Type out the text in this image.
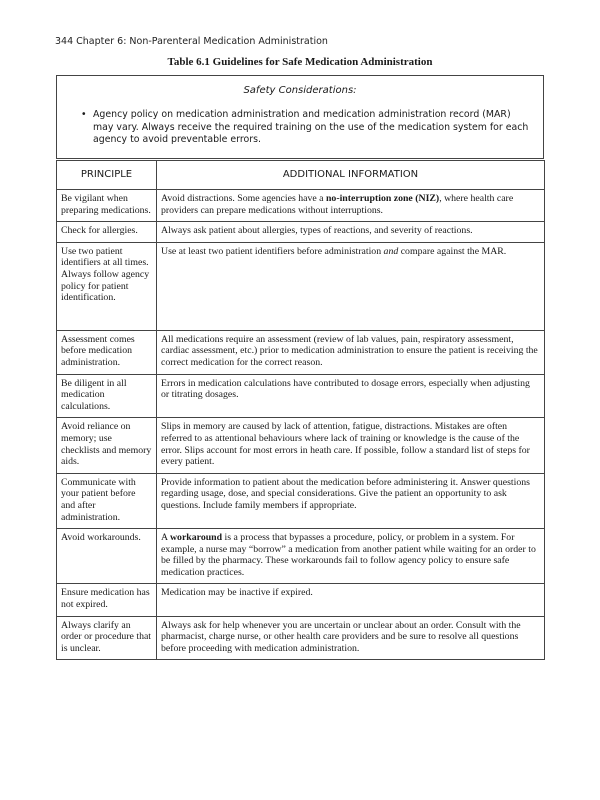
344 Chapter 6: Non-Parenteral Medication Administration
Table 6.1 Guidelines for Safe Medication Administration
Safety Considerations:
• Agency policy on medication administration and medication administration record (MAR) may vary. Always receive the required training on the use of the medication system for each agency to avoid preventable errors.
PRINCIPLE	ADDITIONAL INFORMATION
Be vigilant when preparing medications.	Avoid distractions. Some agencies have a no-interruption zone (NIZ), where health care providers can prepare medications without interruptions.
Check for allergies.	Always ask patient about allergies, types of reactions, and severity of reactions.
Use two patient identifiers at all times. Always follow agency policy for patient identification.	Use at least two patient identifiers before administration and compare against the MAR.
Assessment comes before medication administration.	All medications require an assessment (review of lab values, pain, respiratory assessment, cardiac assessment, etc.) prior to medication administration to ensure the patient is receiving the correct medication for the correct reason.
Be diligent in all medication calculations.	Errors in medication calculations have contributed to dosage errors, especially when adjusting or titrating dosages.
Avoid reliance on memory; use checklists and memory aids.	Slips in memory are caused by lack of attention, fatigue, distractions. Mistakes are often referred to as attentional behaviours where lack of training or knowledge is the cause of the error. Slips account for most errors in heath care. If possible, follow a standard list of steps for every patient.
Communicate with your patient before and after administration.	Provide information to patient about the medication before administering it. Answer questions regarding usage, dose, and special considerations. Give the patient an opportunity to ask questions. Include family members if appropriate.
Avoid workarounds.	A workaround is a process that bypasses a procedure, policy, or problem in a system. For example, a nurse may “borrow” a medication from another patient while waiting for an order to be filled by the pharmacy. These workarounds fail to follow agency policy to ensure safe medication practices.
Ensure medication has not expired.	Medication may be inactive if expired.
Always clarify an order or procedure that is unclear.	Always ask for help whenever you are uncertain or unclear about an order. Consult with the pharmacist, charge nurse, or other health care providers and be sure to resolve all questions before proceeding with medication administration.
